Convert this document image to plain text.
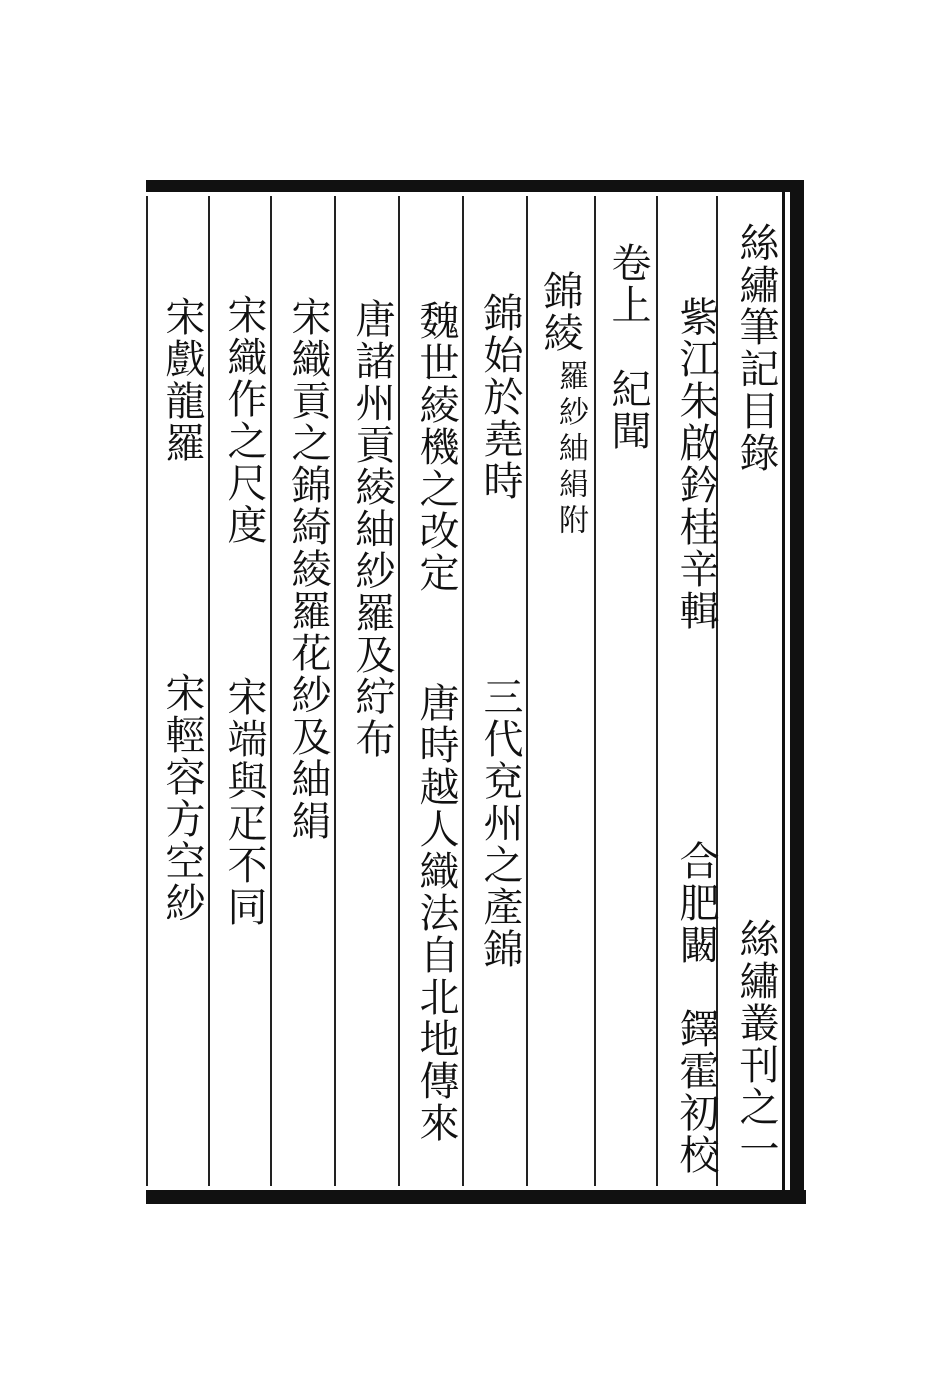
絲繡筆記目錄
絲繡叢刊之一
紫江朱啟鈐桂辛輯
合肥闞　鐸霍初校
卷上　紀聞
錦綾
羅紗紬絹附
錦始於堯時
三代兗州之產錦
魏世綾機之改定
唐時越人織法自北地傳來
唐諸州貢綾紬紗羅及紵布
宋織貢之錦綺綾羅花紗及紬絹
宋織作之尺度
宋端與疋不同
宋戲龍羅
宋輕容方空紗
